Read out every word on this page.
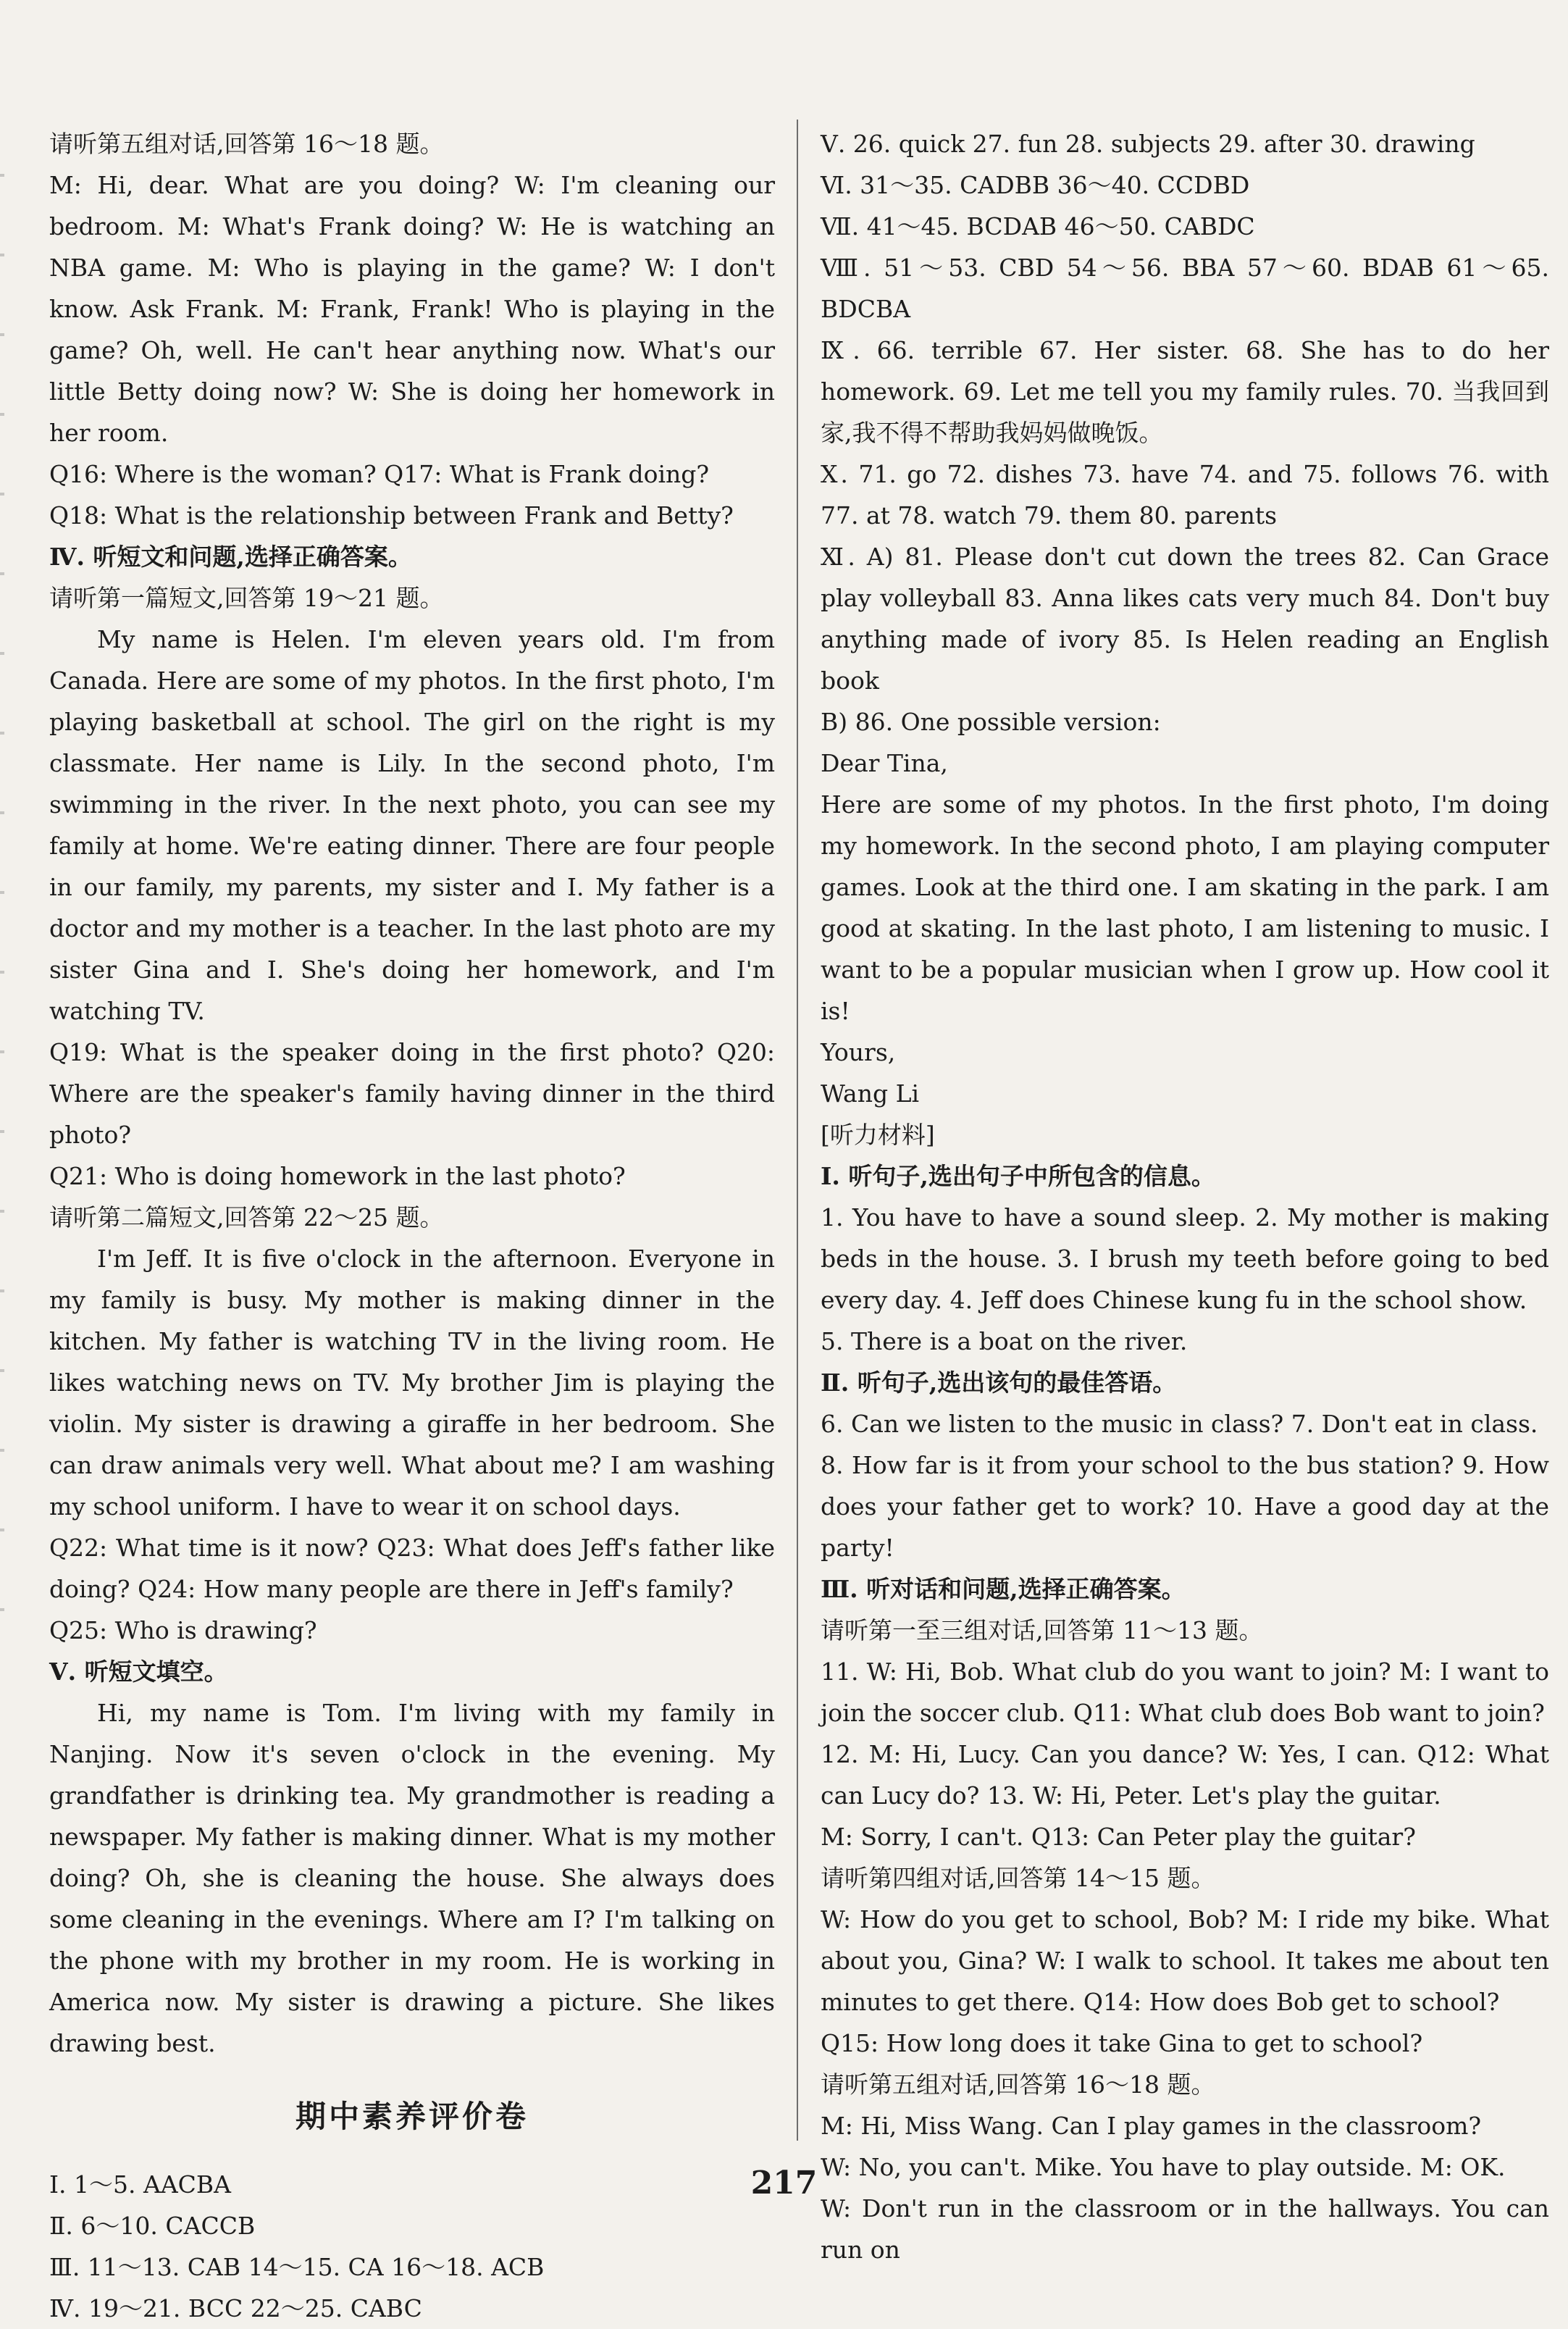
请听第五组对话,回答第 16～18 题。

M: Hi, dear. What are you doing? W: I'm cleaning our bedroom. M: What's Frank doing? W: He is watching an NBA game. M: Who is playing in the game? W: I don't know. Ask Frank. M: Frank, Frank! Who is playing in the game? Oh, well. He can't hear anything now. What's our little Betty doing now? W: She is doing her homework in her room.

Q16: Where is the woman? Q17: What is Frank doing?

Q18: What is the relationship between Frank and Betty?

Ⅳ. 听短文和问题,选择正确答案。

请听第一篇短文,回答第 19～21 题。

My name is Helen. I'm eleven years old. I'm from Canada. Here are some of my photos. In the first photo, I'm playing basketball at school. The girl on the right is my classmate. Her name is Lily. In the second photo, I'm swimming in the river. In the next photo, you can see my family at home. We're eating dinner. There are four people in our family, my parents, my sister and I. My father is a doctor and my mother is a teacher. In the last photo are my sister Gina and I. She's doing her homework, and I'm watching TV.

Q19: What is the speaker doing in the first photo? Q20: Where are the speaker's family having dinner in the third photo?

Q21: Who is doing homework in the last photo?

请听第二篇短文,回答第 22～25 题。

I'm Jeff. It is five o'clock in the afternoon. Everyone in my family is busy. My mother is making dinner in the kitchen. My father is watching TV in the living room. He likes watching news on TV. My brother Jim is playing the violin. My sister is drawing a giraffe in her bedroom. She can draw animals very well. What about me? I am washing my school uniform. I have to wear it on school days.

Q22: What time is it now? Q23: What does Jeff's father like doing? Q24: How many people are there in Jeff's family?

Q25: Who is drawing?

Ⅴ. 听短文填空。

Hi, my name is Tom. I'm living with my family in Nanjing. Now it's seven o'clock in the evening. My grandfather is drinking tea. My grandmother is reading a newspaper. My father is making dinner. What is my mother doing? Oh, she is cleaning the house. She always does some cleaning in the evenings. Where am I? I'm talking on the phone with my brother in my room. He is working in America now. My sister is drawing a picture. She likes drawing best.

期中素养评价卷

Ⅰ. 1～5. AACBA

Ⅱ. 6～10. CACCB

Ⅲ. 11～13. CAB 14～15. CA 16～18. ACB

Ⅳ. 19～21. BCC 22～25. CABC

Ⅴ. 26. quick 27. fun 28. subjects 29. after 30. drawing

Ⅵ. 31～35. CADBB 36～40. CCDBD

Ⅶ. 41～45. BCDAB 46～50. CABDC

Ⅷ. 51～53. CBD 54～56. BBA 57～60. BDAB 61～65. BDCBA

Ⅸ. 66. terrible 67. Her sister. 68. She has to do her homework. 69. Let me tell you my family rules. 70. 当我回到家,我不得不帮助我妈妈做晚饭。

Ⅹ. 71. go 72. dishes 73. have 74. and 75. follows 76. with 77. at 78. watch 79. them 80. parents

Ⅺ. A) 81. Please don't cut down the trees 82. Can Grace play volleyball 83. Anna likes cats very much 84. Don't buy anything made of ivory 85. Is Helen reading an English book

B) 86. One possible version:

Dear Tina,

Here are some of my photos. In the first photo, I'm doing my homework. In the second photo, I am playing computer games. Look at the third one. I am skating in the park. I am good at skating. In the last photo, I am listening to music. I want to be a popular musician when I grow up. How cool it is!

Yours,

Wang Li

[听力材料]

Ⅰ. 听句子,选出句子中所包含的信息。

1. You have to have a sound sleep. 2. My mother is making beds in the house. 3. I brush my teeth before going to bed every day. 4. Jeff does Chinese kung fu in the school show.

5. There is a boat on the river.

Ⅱ. 听句子,选出该句的最佳答语。

6. Can we listen to the music in class? 7. Don't eat in class.

8. How far is it from your school to the bus station? 9. How does your father get to work? 10. Have a good day at the party!

Ⅲ. 听对话和问题,选择正确答案。

请听第一至三组对话,回答第 11～13 题。

11. W: Hi, Bob. What club do you want to join? M: I want to join the soccer club. Q11: What club does Bob want to join?

12. M: Hi, Lucy. Can you dance? W: Yes, I can. Q12: What can Lucy do? 13. W: Hi, Peter. Let's play the guitar.

M: Sorry, I can't. Q13: Can Peter play the guitar?

请听第四组对话,回答第 14～15 题。

W: How do you get to school, Bob? M: I ride my bike. What about you, Gina? W: I walk to school. It takes me about ten minutes to get there. Q14: How does Bob get to school?

Q15: How long does it take Gina to get to school?

请听第五组对话,回答第 16～18 题。

M: Hi, Miss Wang. Can I play games in the classroom?

W: No, you can't. Mike. You have to play outside. M: OK.

W: Don't run in the classroom or in the hallways. You can run on

217
